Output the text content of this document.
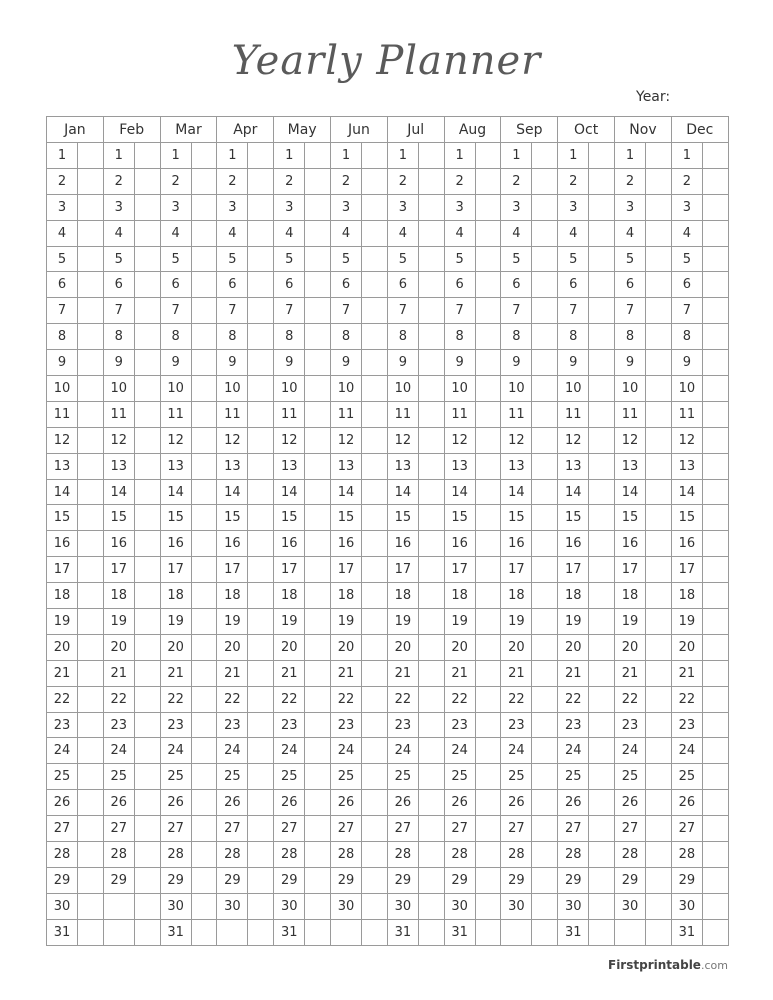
Yearly Planner
Year:
Jan		Feb		Mar		Apr		May		Jun		Jul		Aug		Sep		Oct		Nov		Dec	
1		1		1		1		1		1		1		1		1		1		1		1	
2		2		2		2		2		2		2		2		2		2		2		2	
3		3		3		3		3		3		3		3		3		3		3		3	
4		4		4		4		4		4		4		4		4		4		4		4	
5		5		5		5		5		5		5		5		5		5		5		5	
6		6		6		6		6		6		6		6		6		6		6		6	
7		7		7		7		7		7		7		7		7		7		7		7	
8		8		8		8		8		8		8		8		8		8		8		8	
9		9		9		9		9		9		9		9		9		9		9		9	
10		10		10		10		10		10		10		10		10		10		10		10	
11		11		11		11		11		11		11		11		11		11		11		11	
12		12		12		12		12		12		12		12		12		12		12		12	
13		13		13		13		13		13		13		13		13		13		13		13	
14		14		14		14		14		14		14		14		14		14		14		14	
15		15		15		15		15		15		15		15		15		15		15		15	
16		16		16		16		16		16		16		16		16		16		16		16	
17		17		17		17		17		17		17		17		17		17		17		17	
18		18		18		18		18		18		18		18		18		18		18		18	
19		19		19		19		19		19		19		19		19		19		19		19	
20		20		20		20		20		20		20		20		20		20		20		20	
21		21		21		21		21		21		21		21		21		21		21		21	
22		22		22		22		22		22		22		22		22		22		22		22	
23		23		23		23		23		23		23		23		23		23		23		23	
24		24		24		24		24		24		24		24		24		24		24		24	
25		25		25		25		25		25		25		25		25		25		25		25	
26		26		26		26		26		26		26		26		26		26		26		26	
27		27		27		27		27		27		27		27		27		27		27		27	
28		28		28		28		28		28		28		28		28		28		28		28	
29		29		29		29		29		29		29		29		29		29		29		29	
30				30		30		30		30		30		30		30		30		30		30	
31				31				31				31		31				31				31	
Firstprintable.com
